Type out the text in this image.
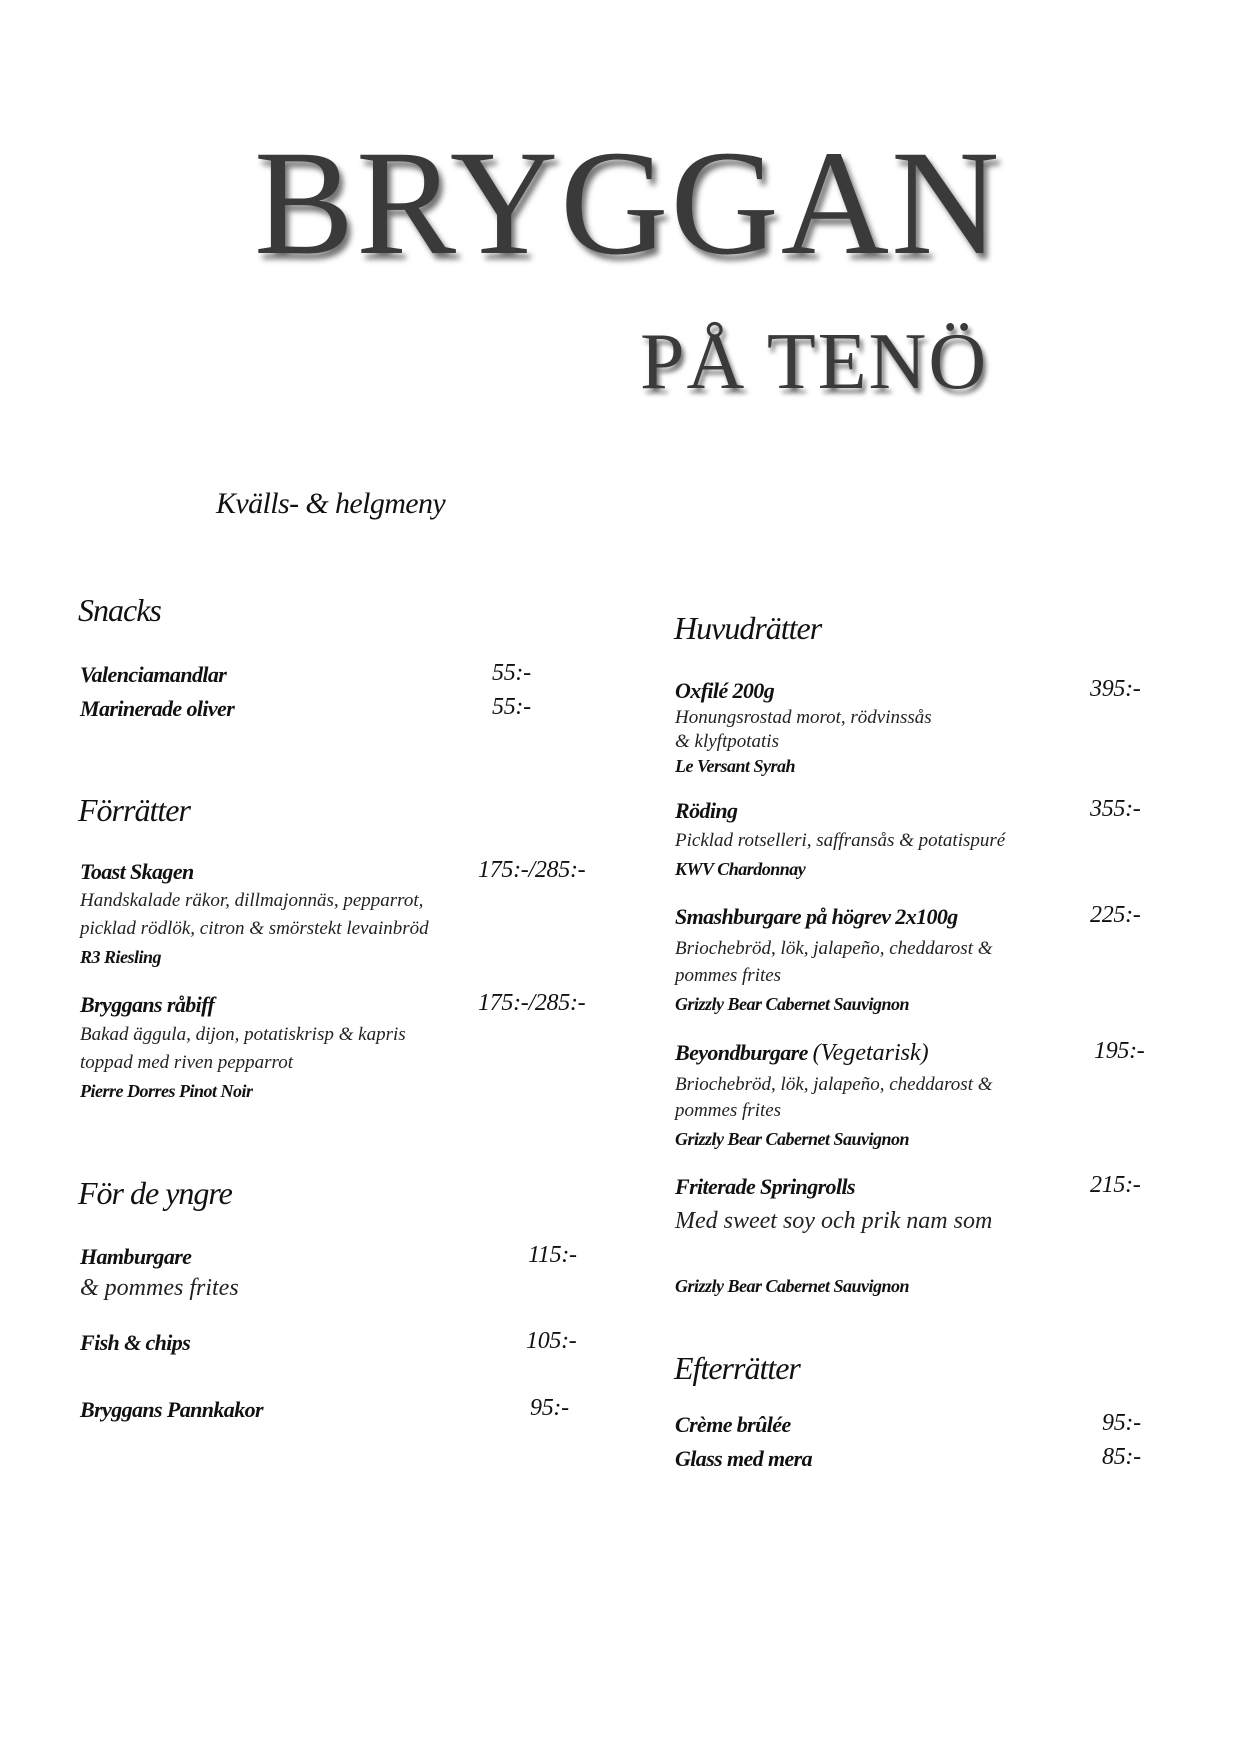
BRYGGAN
PÅ TENÖ
Kvälls- & helgmeny
Snacks
Valenciamandlar	55:-
Marinerade oliver	55:-
Förrätter
Toast Skagen	175:-/285:-
Handskalade räkor, dillmajonnäs, pepparrot,
picklad rödlök, citron & smörstekt levainbröd
R3 Riesling
Bryggans råbiff	175:-/285:-
Bakad äggula, dijon, potatiskrisp & kapris
toppad med riven pepparrot
Pierre Dorres Pinot Noir
För de yngre
Hamburgare	115:-
& pommes frites
Fish & chips	105:-
Bryggans Pannkakor	95:-
Huvudrätter
Oxfilé 200g	395:-
Honungsrostad morot, rödvinssås
& klyftpotatis
Le Versant Syrah
Röding	355:-
Picklad rotselleri, saffransås & potatispuré
KWV Chardonnay
Smashburgare på högrev 2x100g	225:-
Briochebröd, lök, jalapeño, cheddarost &
pommes frites
Grizzly Bear Cabernet Sauvignon
Beyondburgare (Vegetarisk)	195:-
Briochebröd, lök, jalapeño, cheddarost &
pommes frites
Grizzly Bear Cabernet Sauvignon
Friterade Springrolls	215:-
Med sweet soy och prik nam som
Grizzly Bear Cabernet Sauvignon
Efterrätter
Crème brûlée	95:-
Glass med mera	85:-
